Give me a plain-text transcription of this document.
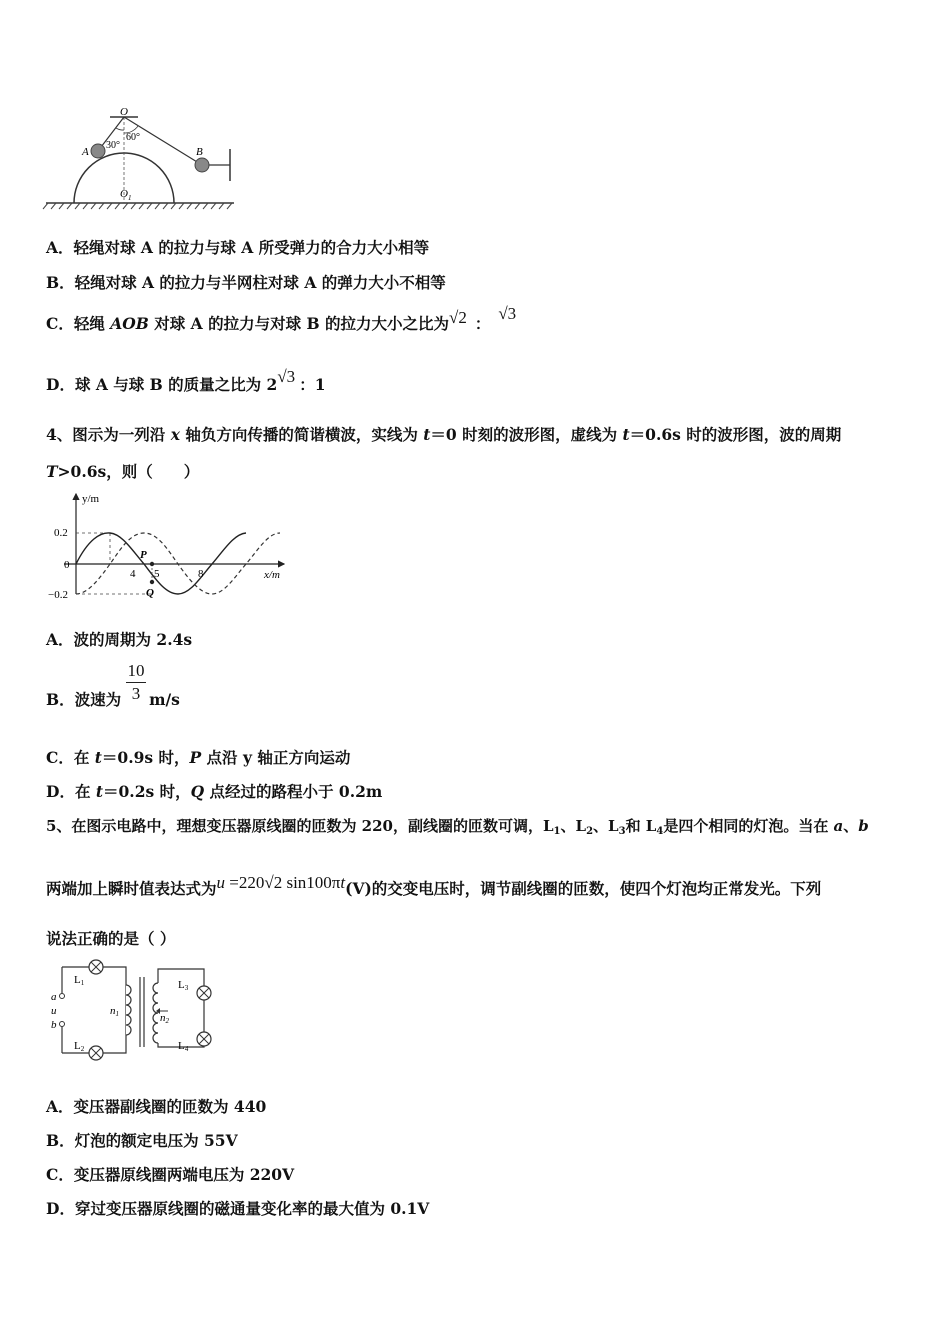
O
A	B
30°
60°
$O_1$
A．轻绳对球 A 的拉力与球 A 所受弹力的合力大小相等
B．轻绳对球 A 的拉力与半网柱对球 A 的弹力大小不相等
C．轻绳 AOB 对球 A 的拉力与对球 B 的拉力大小之比为√2 ：√3
D．球 A 与球 B 的质量之比为 2√3 ：1
4、图示为一列沿 x 轴负方向传播的简谐横波，实线为 t＝0 时刻的波形图，虚线为 t＝0.6s 时的波形图，波的周期
T>0.6s，则（　　）
y/m
x/m
0.2
0
−0.2
4 5	8
P
Q
A．波的周期为 2.4s
B．波速为 m/s
10
3
C．在 t＝0.9s 时，P 点沿 y 轴正方向运动
D．在 t＝0.2s 时，Q 点经过的路程小于 0.2m
5、在图示电路中，理想变压器原线圈的匝数为 220，副线圈的匝数可调，$L_1$、$L_2$、$L_3$和 $L_4$是四个相同的灯泡。当在 a、b
两端加上瞬时值表达式为u =220√2 sin100πt(V)的交变电压时，调节副线圈的匝数，使四个灯泡均正常发光。下列
说法正确的是（ ）
L1
L2
L3
L4
a
u
b
n1	n2
A．变压器副线圈的匝数为 440
B．灯泡的额定电压为 55V
C．变压器原线圈两端电压为 220V
D．穿过变压器原线圈的磁通量变化率的最大值为 0.1V
